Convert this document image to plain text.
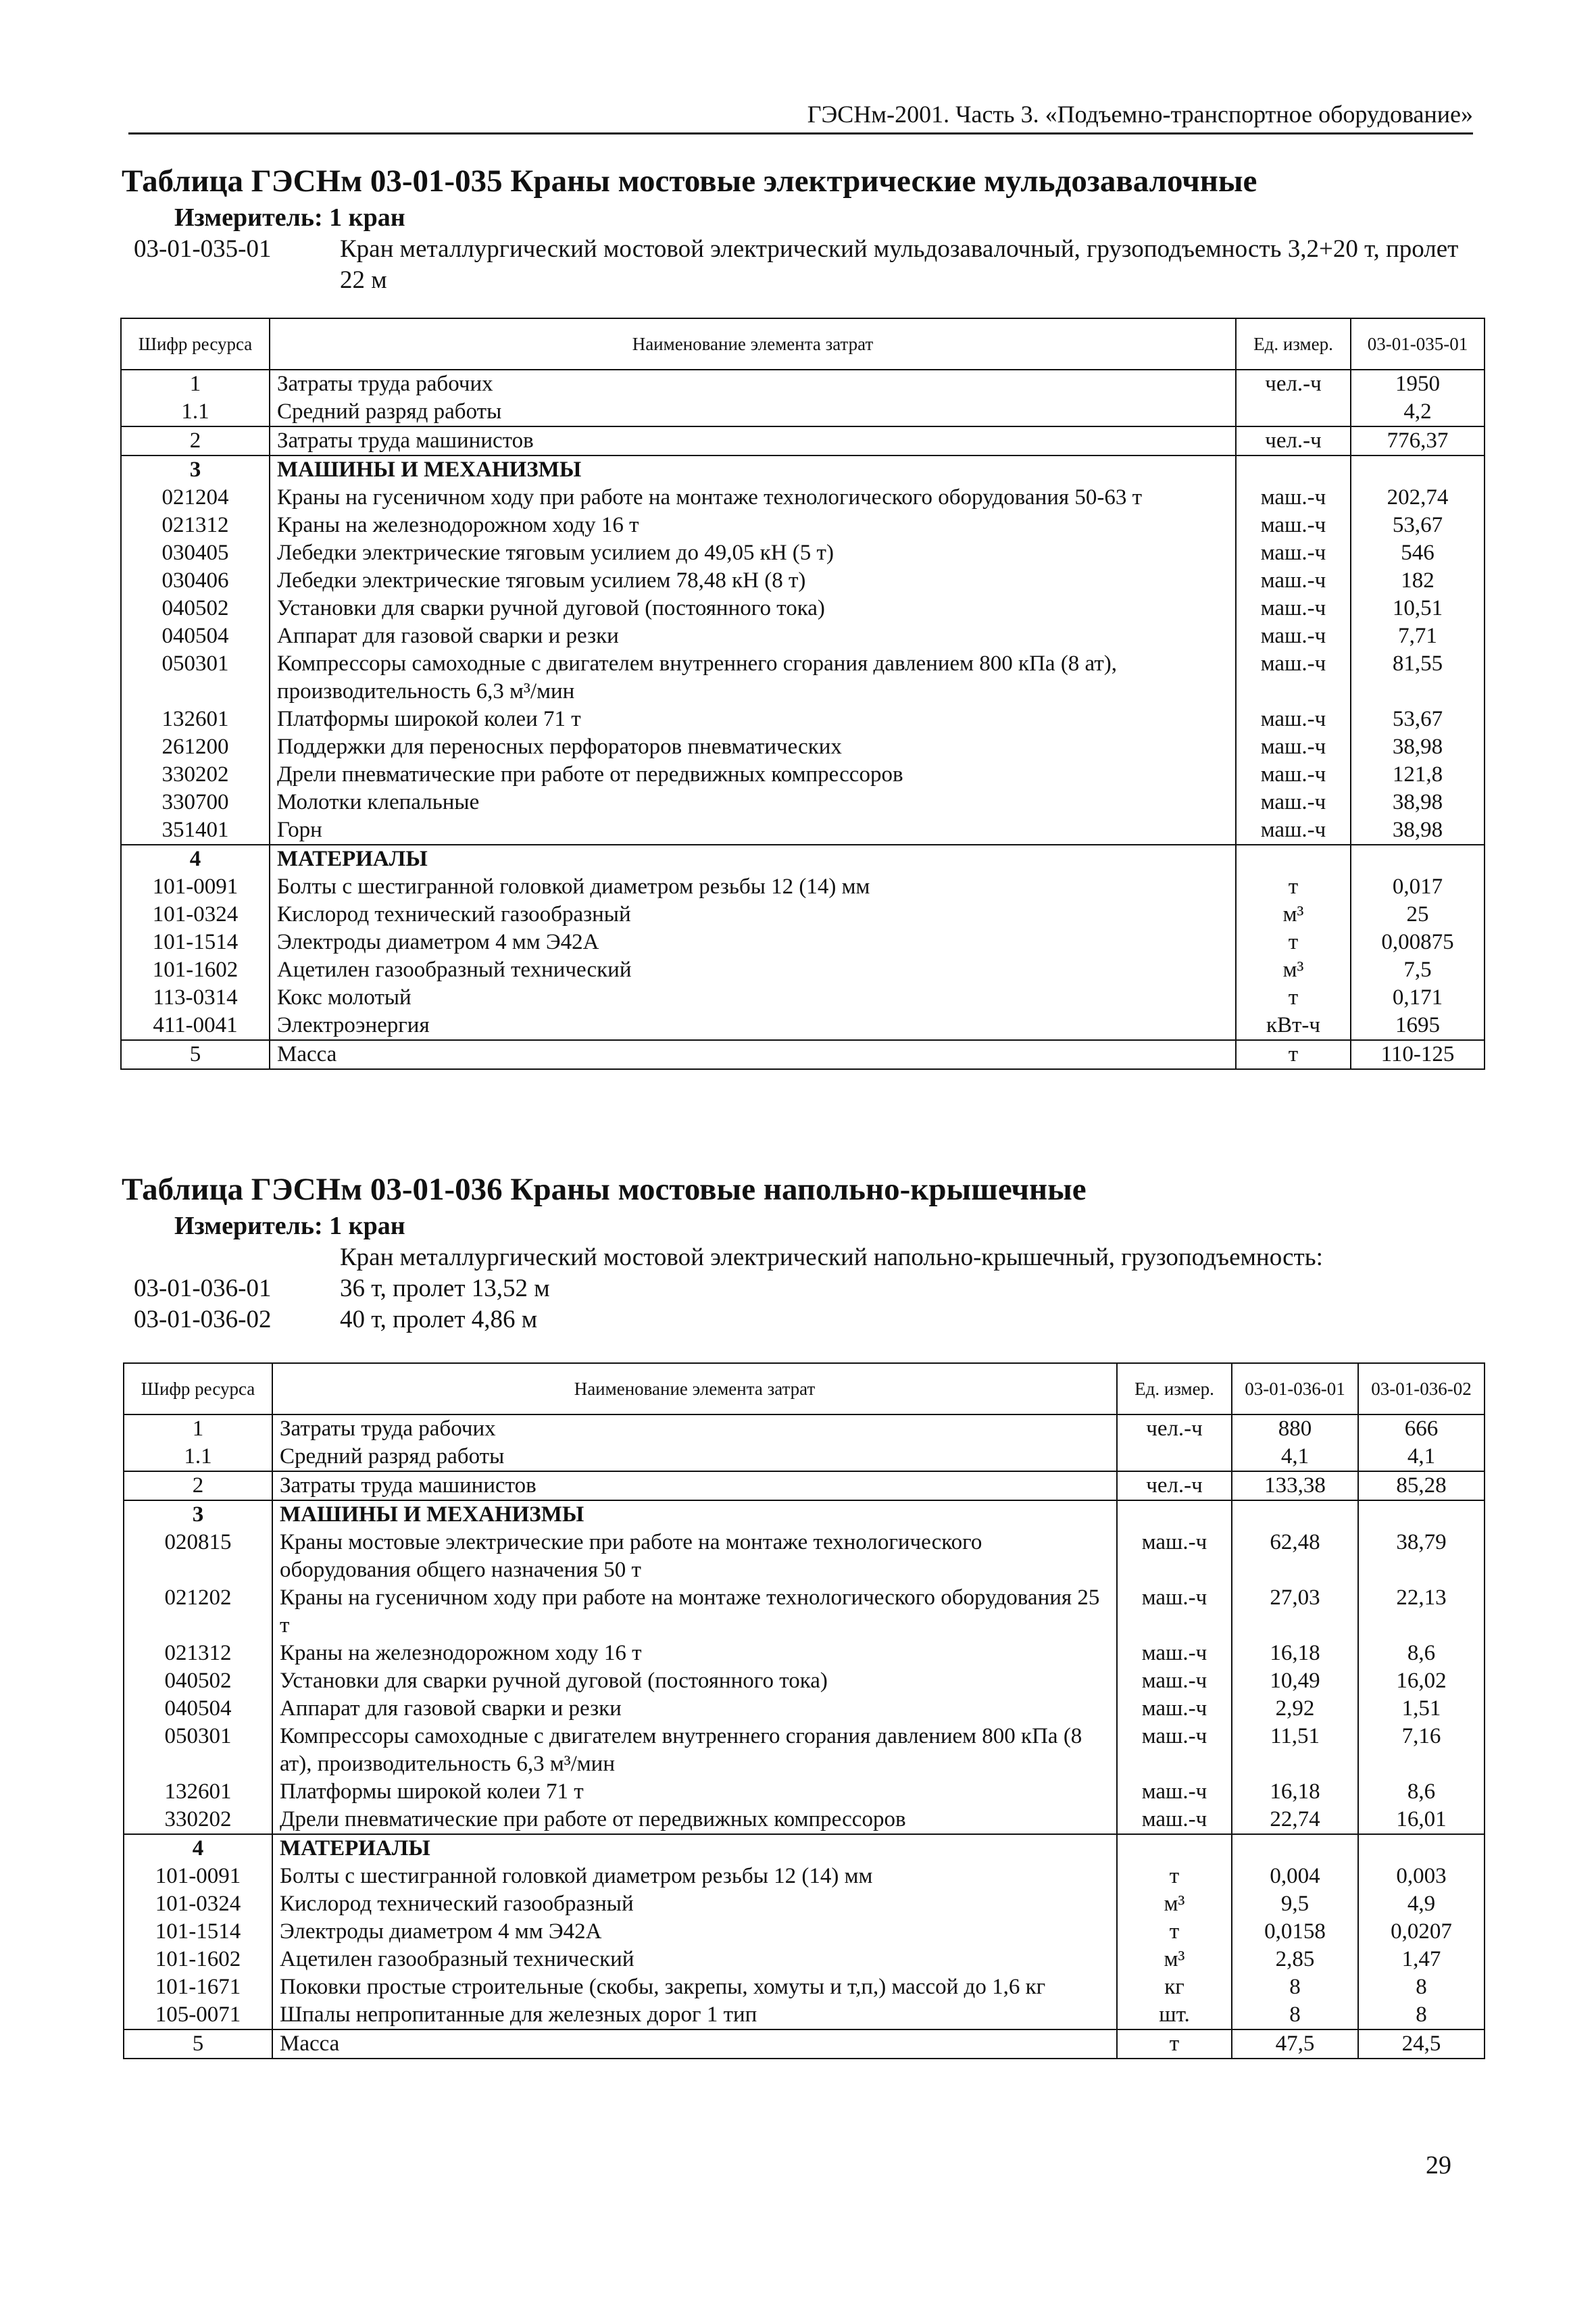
ГЭСНм-2001. Часть 3. «Подъемно-транспортное оборудование»
Таблица ГЭСНм 03-01-035 Краны мостовые электрические мульдозавалочные
Измеритель: 1 кран
03-01-035-01	Кран металлургический мостовой электрический мульдозавалочный, грузоподъемность 3,2+20 т, пролет 22 м
Шифр ресурса	Наименование элемента затрат	Ед. измер.	03-01-035-01
1	Затраты труда рабочих	чел.-ч	1950
1.1	Средний разряд работы		4,2
2	Затраты труда машинистов	чел.-ч	776,37
3	МАШИНЫ И МЕХАНИЗМЫ		
021204	Краны на гусеничном ходу при работе на монтаже технологического оборудования 50-63 т	маш.-ч	202,74
021312	Краны на железнодорожном ходу 16 т	маш.-ч	53,67
030405	Лебедки электрические тяговым усилием до 49,05 кН (5 т)	маш.-ч	546
030406	Лебедки электрические тяговым усилием 78,48 кН (8 т)	маш.-ч	182
040502	Установки для сварки ручной дуговой (постоянного тока)	маш.-ч	10,51
040504	Аппарат для газовой сварки и резки	маш.-ч	7,71
050301	Компрессоры самоходные с двигателем внутреннего сгорания давлением 800 кПа (8 ат), производительность 6,3 м³/мин	маш.-ч	81,55
132601	Платформы широкой колеи 71 т	маш.-ч	53,67
261200	Поддержки для переносных перфораторов пневматических	маш.-ч	38,98
330202	Дрели пневматические при работе от передвижных компрессоров	маш.-ч	121,8
330700	Молотки клепальные	маш.-ч	38,98
351401	Горн	маш.-ч	38,98
4	МАТЕРИАЛЫ		
101-0091	Болты с шестигранной головкой диаметром резьбы 12 (14) мм	т	0,017
101-0324	Кислород технический газообразный	м³	25
101-1514	Электроды диаметром 4 мм Э42А	т	0,00875
101-1602	Ацетилен газообразный технический	м³	7,5
113-0314	Кокс молотый	т	0,171
411-0041	Электроэнергия	кВт-ч	1695
5	Масса	т	110-125
Таблица ГЭСНм 03-01-036 Краны мостовые напольно-крышечные
Измеритель: 1 кран
Кран металлургический мостовой электрический напольно-крышечный, грузоподъемность:
03-01-036-01	36 т, пролет 13,52 м
03-01-036-02	40 т, пролет 4,86 м
Шифр ресурса	Наименование элемента затрат	Ед. измер.	03-01-036-01	03-01-036-02
1	Затраты труда рабочих	чел.-ч	880	666
1.1	Средний разряд работы		4,1	4,1
2	Затраты труда машинистов	чел.-ч	133,38	85,28
3	МАШИНЫ И МЕХАНИЗМЫ			
020815	Краны мостовые электрические при работе на монтаже технологического оборудования общего назначения 50 т	маш.-ч	62,48	38,79
021202	Краны на гусеничном ходу при работе на монтаже технологического оборудования 25 т	маш.-ч	27,03	22,13
021312	Краны на железнодорожном ходу 16 т	маш.-ч	16,18	8,6
040502	Установки для сварки ручной дуговой (постоянного тока)	маш.-ч	10,49	16,02
040504	Аппарат для газовой сварки и резки	маш.-ч	2,92	1,51
050301	Компрессоры самоходные с двигателем внутреннего сгорания давлением 800 кПа (8 ат), производительность 6,3 м³/мин	маш.-ч	11,51	7,16
132601	Платформы широкой колеи 71 т	маш.-ч	16,18	8,6
330202	Дрели пневматические при работе от передвижных компрессоров	маш.-ч	22,74	16,01
4	МАТЕРИАЛЫ			
101-0091	Болты с шестигранной головкой диаметром резьбы 12 (14) мм	т	0,004	0,003
101-0324	Кислород технический газообразный	м³	9,5	4,9
101-1514	Электроды диаметром 4 мм Э42А	т	0,0158	0,0207
101-1602	Ацетилен газообразный технический	м³	2,85	1,47
101-1671	Поковки простые строительные (скобы, закрепы, хомуты и т,п,) массой до 1,6 кг	кг	8	8
105-0071	Шпалы непропитанные для железных дорог 1 тип	шт.	8	8
5	Масса	т	47,5	24,5
29
